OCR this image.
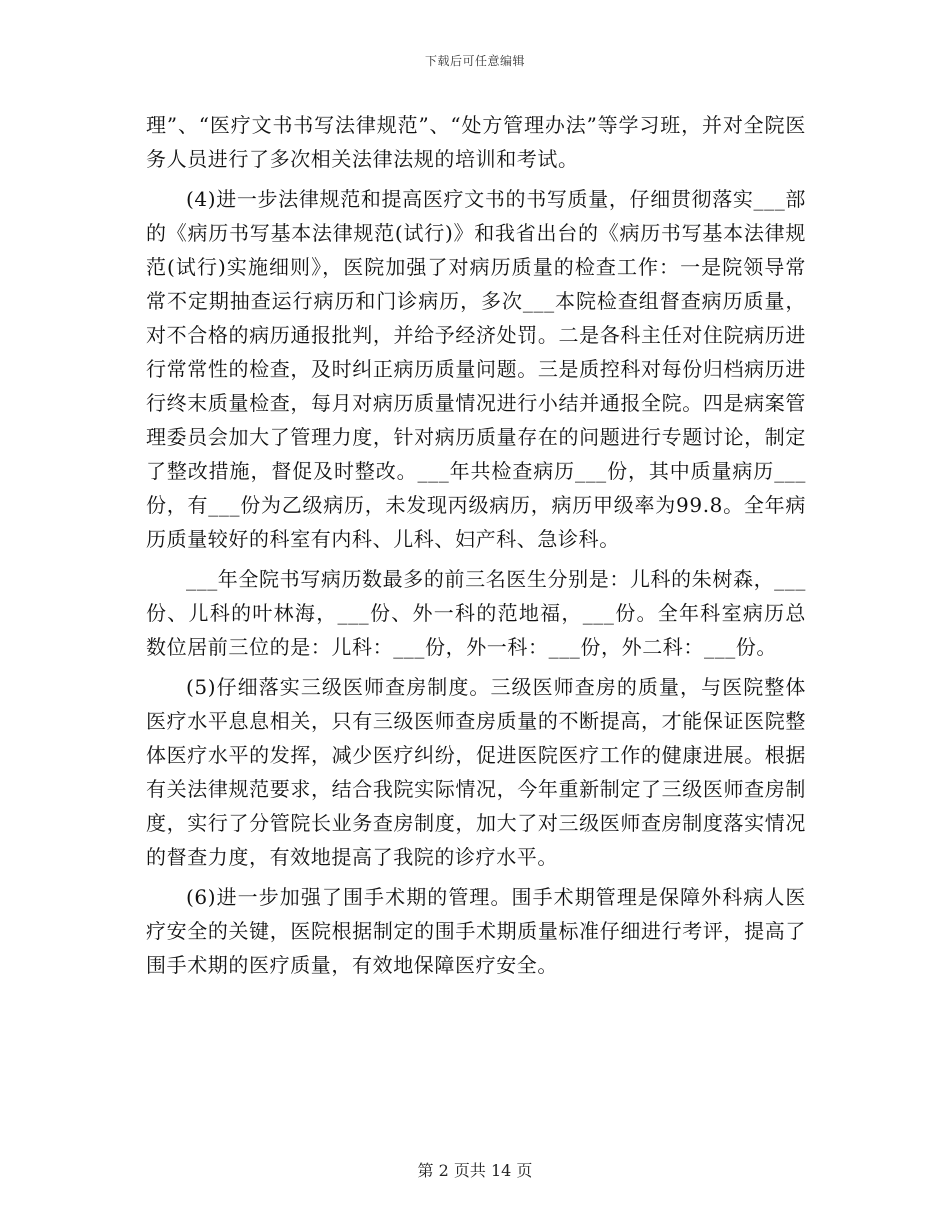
下载后可任意编辑

理”、“医疗文书书写法律规范”、“处方管理办法”等学习班，并对全院医务人员进行了多次相关法律法规的培训和考试。

(4)进一步法律规范和提高医疗文书的书写质量，仔细贯彻落实___部的《病历书写基本法律规范(试行)》和我省出台的《病历书写基本法律规范(试行)实施细则》，医院加强了对病历质量的检查工作：一是院领导常常不定期抽查运行病历和门诊病历，多次___本院检查组督查病历质量，对不合格的病历通报批判，并给予经济处罚。二是各科主任对住院病历进行常常性的检查，及时纠正病历质量问题。三是质控科对每份归档病历进行终末质量检查，每月对病历质量情况进行小结并通报全院。四是病案管理委员会加大了管理力度，针对病历质量存在的问题进行专题讨论，制定了整改措施，督促及时整改。___年共检查病历___份，其中质量病历___份，有___份为乙级病历，未发现丙级病历，病历甲级率为99.8。全年病历质量较好的科室有内科、儿科、妇产科、急诊科。

___年全院书写病历数最多的前三名医生分别是：儿科的朱树森，___份、儿科的叶林海，___份、外一科的范地福，___份。全年科室病历总数位居前三位的是：儿科：___份，外一科：___份，外二科：___份。

(5)仔细落实三级医师查房制度。三级医师查房的质量，与医院整体医疗水平息息相关，只有三级医师查房质量的不断提高，才能保证医院整体医疗水平的发挥，减少医疗纠纷，促进医院医疗工作的健康进展。根据有关法律规范要求，结合我院实际情况，今年重新制定了三级医师查房制度，实行了分管院长业务查房制度，加大了对三级医师查房制度落实情况的督查力度，有效地提高了我院的诊疗水平。

(6)进一步加强了围手术期的管理。围手术期管理是保障外科病人医疗安全的关键，医院根据制定的围手术期质量标准仔细进行考评，提高了围手术期的医疗质量，有效地保障医疗安全。

第 2 页共 14 页
